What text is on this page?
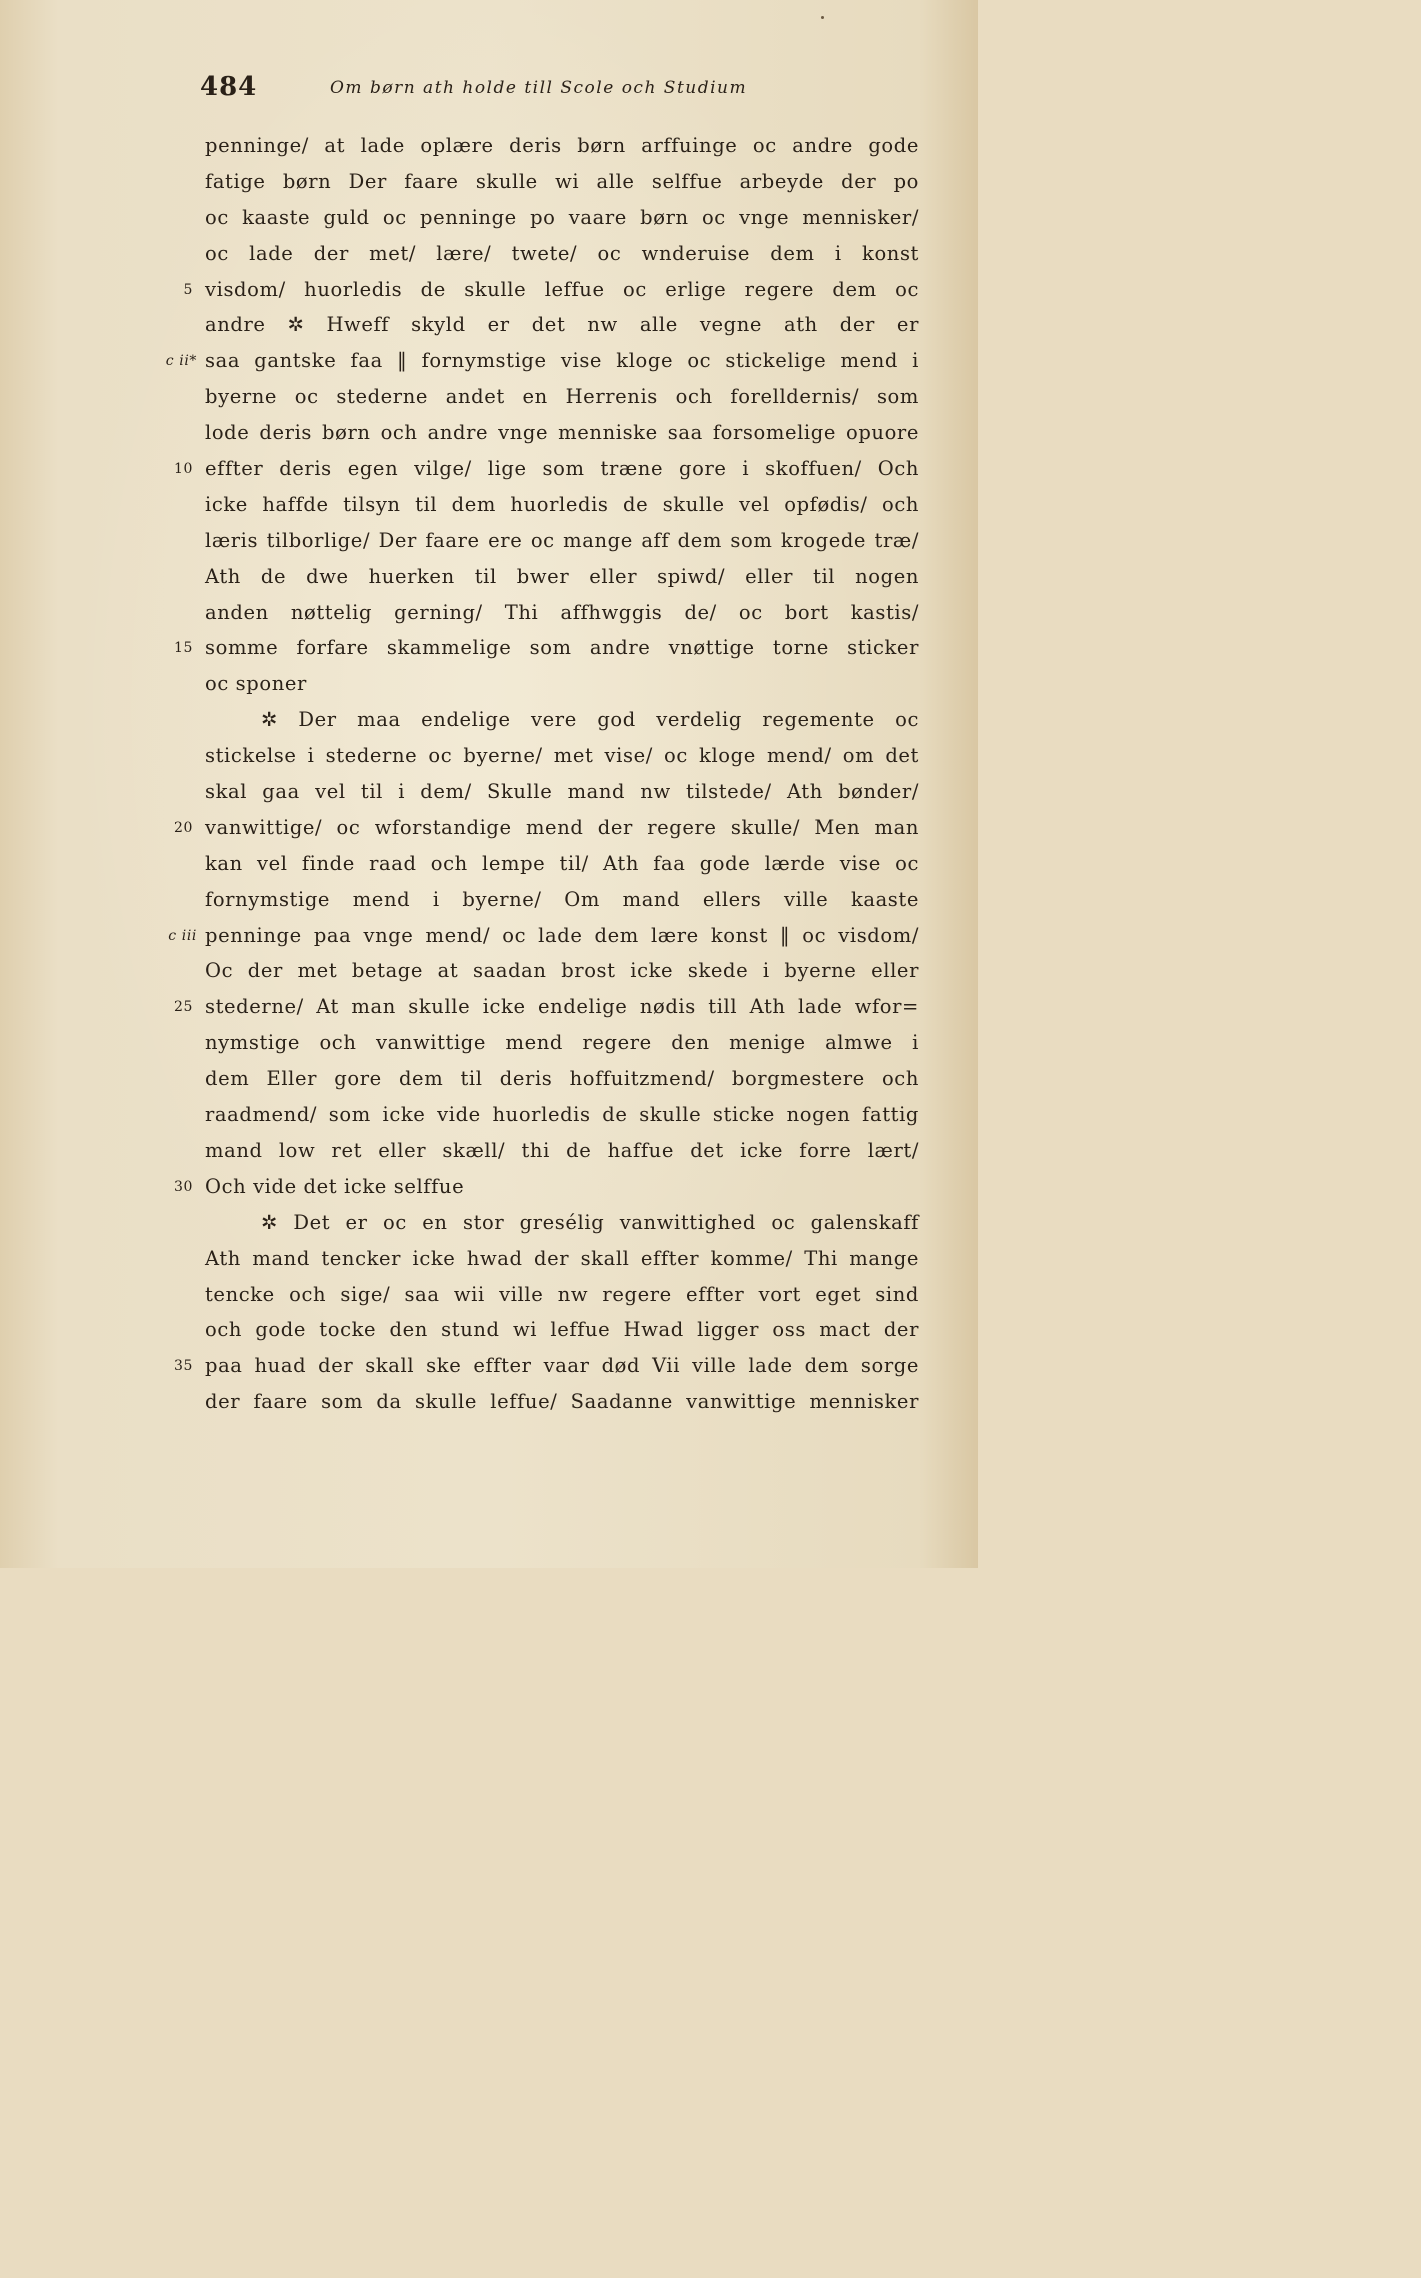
484	Om børn ath holde till Scole och Studium
penninge/ at lade oplære deris børn arffuinge oc andre gode
fatige børn Der faare skulle wi alle selffue arbeyde der po
oc kaaste guld oc penninge po vaare børn oc vnge mennisker/
oc lade der met/ lære/ twete/ oc wnderuise dem i konst
5 visdom/ huorledis de skulle leffue oc erlige regere dem oc
andre ✲ Hweff skyld er det nw alle vegne ath der er
c ii* saa gantske faa ‖ fornymstige vise kloge oc stickelige mend i
byerne oc stederne andet en Herrenis och forelldernis/ som
lode deris børn och andre vnge menniske saa forsomelige opuore
10 effter deris egen vilge/ lige som træne gore i skoffuen/ Och
icke haffde tilsyn til dem huorledis de skulle vel opfødis/ och
læris tilborlige/ Der faare ere oc mange aff dem som krogede træ/
Ath de dwe huerken til bwer eller spiwd/ eller til nogen
anden nøttelig gerning/ Thi affhwggis de/ oc bort kastis/
15 somme forfare skammelige som andre vnøttige torne sticker
oc sponer
✲ Der maa endelige vere god verdelig regemente oc
stickelse i stederne oc byerne/ met vise/ oc kloge mend/ om det
skal gaa vel til i dem/ Skulle mand nw tilstede/ Ath bønder/
20 vanwittige/ oc wforstandige mend der regere skulle/ Men man
kan vel finde raad och lempe til/ Ath faa gode lærde vise oc
fornymstige mend i byerne/ Om mand ellers ville kaaste
c iii penninge paa vnge mend/ oc lade dem lære konst ‖ oc visdom/
Oc der met betage at saadan brost icke skede i byerne eller
25 stederne/ At man skulle icke endelige nødis till Ath lade wfor=
nymstige och vanwittige mend regere den menige almwe i
dem Eller gore dem til deris hoffuitzmend/ borgmestere och
raadmend/ som icke vide huorledis de skulle sticke nogen fattig
mand low ret eller skæll/ thi de haffue det icke forre lært/
30 Och vide det icke selffue
✲ Det er oc en stor gresélig vanwittighed oc galenskaff
Ath mand tencker icke hwad der skall effter komme/ Thi mange
tencke och sige/ saa wii ville nw regere effter vort eget sind
och gode tocke den stund wi leffue Hwad ligger oss mact der
35 paa huad der skall ske effter vaar død Vii ville lade dem sorge
der faare som da skulle leffue/ Saadanne vanwittige mennisker
